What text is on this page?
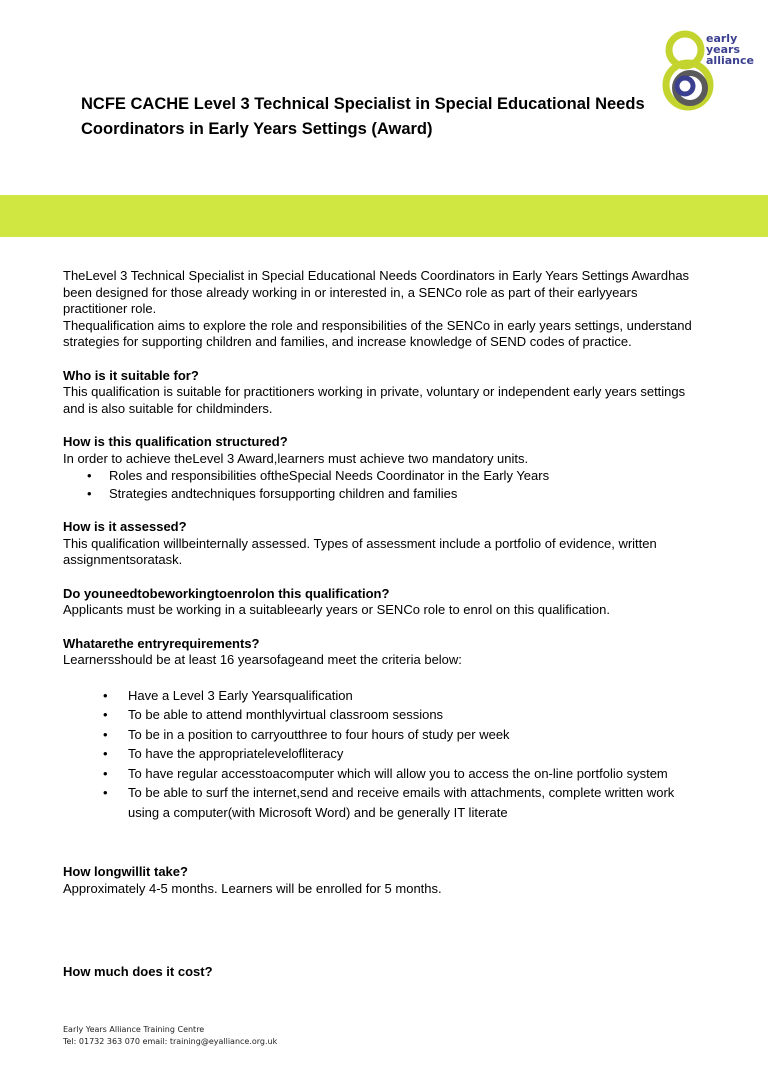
early
years
alliance
NCFE CACHE Level 3 Technical Specialist in Special Educational Needs Coordinators in Early Years Settings (Award)

TheLevel 3 Technical Specialist in Special Educational Needs Coordinators in Early Years Settings Awardhas been designed for those already working in or interested in, a SENCo role as part of their earlyyears practitioner role.

Thequalification aims to explore the role and responsibilities of the SENCo in early years settings, understand strategies for supporting children and families, and increase knowledge of SEND codes of practice.

Who is it suitable for?

This qualification is suitable for practitioners working in private, voluntary or independent early years settings and is also suitable for childminders.

How is this qualification structured?

In order to achieve theLevel 3 Award,learners must achieve two mandatory units.

• Roles and responsibilities oftheSpecial Needs Coordinator in the Early Years
• Strategies andtechniques forsupporting children and families
How is it assessed?

This qualification willbeinternally assessed. Types of assessment include a portfolio of evidence, written assignmentsoratask.

Do youneedtobeworkingtoenrolon this qualification?

Applicants must be working in a suitableearly years or SENCo role to enrol on this qualification.

Whatarethe entryrequirements?

Learnersshould be at least 16 yearsofageand meet the criteria below:

• Have a Level 3 Early Yearsqualification
• To be able to attend monthlyvirtual classroom sessions
• To be in a position to carryoutthree to four hours of study per week
• To have the appropriatelevelofliteracy
• To have regular accesstoacomputer which will allow you to access the on-line portfolio system
• To be able to surf the internet,send and receive emails with attachments, complete written work using a computer(with Microsoft Word) and be generally IT literate
How longwillit take?

Approximately 4-5 months. Learners will be enrolled for 5 months.

How much does it cost?
Early Years Alliance Training Centre
Tel: 01732 363 070 email: training@eyalliance.org.uk
